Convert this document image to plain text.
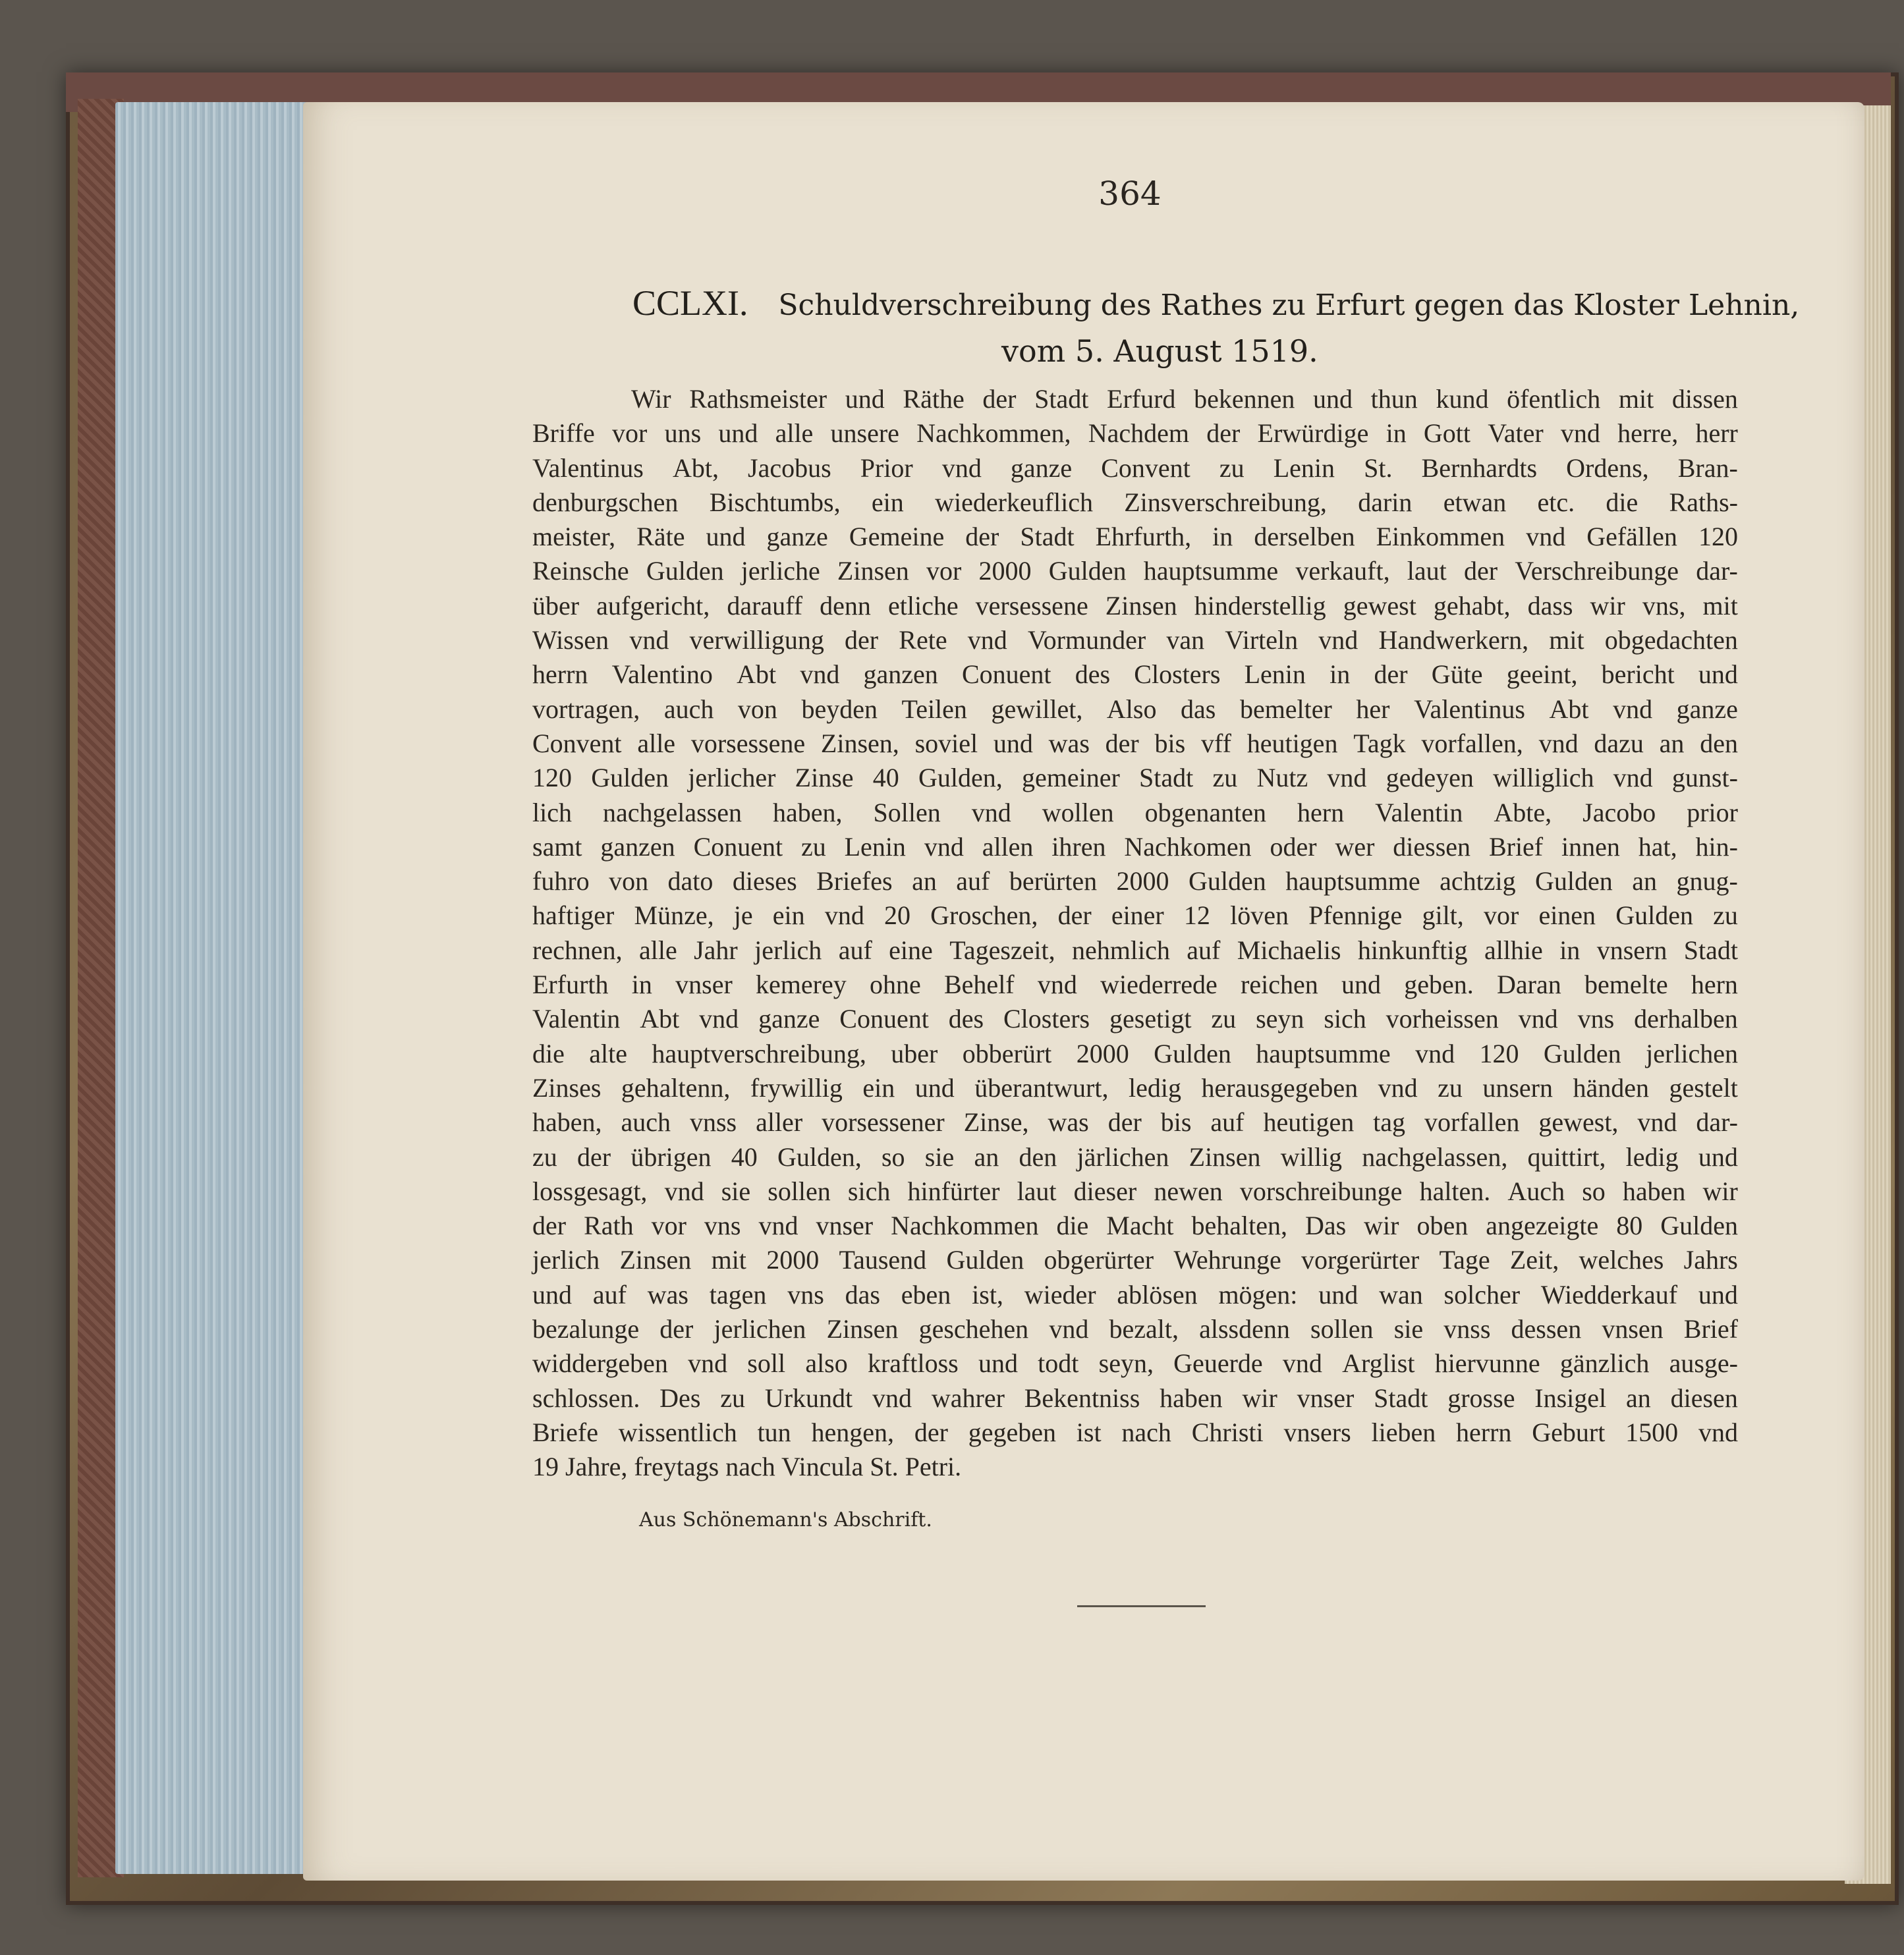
364
CCLXI. Schuldverschreibung des Rathes zu Erfurt gegen das Kloster Lehnin,
vom 5. August 1519.
Wir Rathsmeister und Räthe der Stadt Erfurd bekennen und thun kund öfentlich mit dissen
Briffe vor uns und alle unsere Nachkommen, Nachdem der Erwürdige in Gott Vater vnd herre, herr
Valentinus Abt, Jacobus Prior vnd ganze Convent zu Lenin St. Bernhardts Ordens, Bran-
denburgschen Bischtumbs, ein wiederkeuflich Zinsverschreibung, darin etwan etc. die Raths-
meister, Räte und ganze Gemeine der Stadt Ehrfurth, in derselben Einkommen vnd Gefällen 120
Reinsche Gulden jerliche Zinsen vor 2000 Gulden hauptsumme verkauft, laut der Verschreibunge dar-
über aufgericht, darauff denn etliche versessene Zinsen hinderstellig gewest gehabt, dass wir vns, mit
Wissen vnd verwilligung der Rete vnd Vormunder van Virteln vnd Handwerkern, mit obgedachten
herrn Valentino Abt vnd ganzen Conuent des Closters Lenin in der Güte geeint, bericht und
vortragen, auch von beyden Teilen gewillet, Also das bemelter her Valentinus Abt vnd ganze
Convent alle vorsessene Zinsen, soviel und was der bis vff heutigen Tagk vorfallen, vnd dazu an den
120 Gulden jerlicher Zinse 40 Gulden, gemeiner Stadt zu Nutz vnd gedeyen williglich vnd gunst-
lich nachgelassen haben, Sollen vnd wollen obgenanten hern Valentin Abte, Jacobo prior
samt ganzen Conuent zu Lenin vnd allen ihren Nachkomen oder wer diessen Brief innen hat, hin-
fuhro von dato dieses Briefes an auf berürten 2000 Gulden hauptsumme achtzig Gulden an gnug-
haftiger Münze, je ein vnd 20 Groschen, der einer 12 löven Pfennige gilt, vor einen Gulden zu
rechnen, alle Jahr jerlich auf eine Tageszeit, nehmlich auf Michaelis hinkunftig allhie in vnsern Stadt
Erfurth in vnser kemerey ohne Behelf vnd wiederrede reichen und geben. Daran bemelte hern
Valentin Abt vnd ganze Conuent des Closters gesetigt zu seyn sich vorheissen vnd vns derhalben
die alte hauptverschreibung, uber obberürt 2000 Gulden hauptsumme vnd 120 Gulden jerlichen
Zinses gehaltenn, frywillig ein und überantwurt, ledig herausgegeben vnd zu unsern händen gestelt
haben, auch vnss aller vorsessener Zinse, was der bis auf heutigen tag vorfallen gewest, vnd dar-
zu der übrigen 40 Gulden, so sie an den järlichen Zinsen willig nachgelassen, quittirt, ledig und
lossgesagt, vnd sie sollen sich hinfürter laut dieser newen vorschreibunge halten. Auch so haben wir
der Rath vor vns vnd vnser Nachkommen die Macht behalten, Das wir oben angezeigte 80 Gulden
jerlich Zinsen mit 2000 Tausend Gulden obgerürter Wehrunge vorgerürter Tage Zeit, welches Jahrs
und auf was tagen vns das eben ist, wieder ablösen mögen: und wan solcher Wiedderkauf und
bezalunge der jerlichen Zinsen geschehen vnd bezalt, alssdenn sollen sie vnss dessen vnsen Brief
widdergeben vnd soll also kraftloss und todt seyn, Geuerde vnd Arglist hiervunne gänzlich ausge-
schlossen. Des zu Urkundt vnd wahrer Bekentniss haben wir vnser Stadt grosse Insigel an diesen
Briefe wissentlich tun hengen, der gegeben ist nach Christi vnsers lieben herrn Geburt 1500 vnd
19 Jahre, freytags nach Vincula St. Petri.
Aus Schönemann's Abschrift.
